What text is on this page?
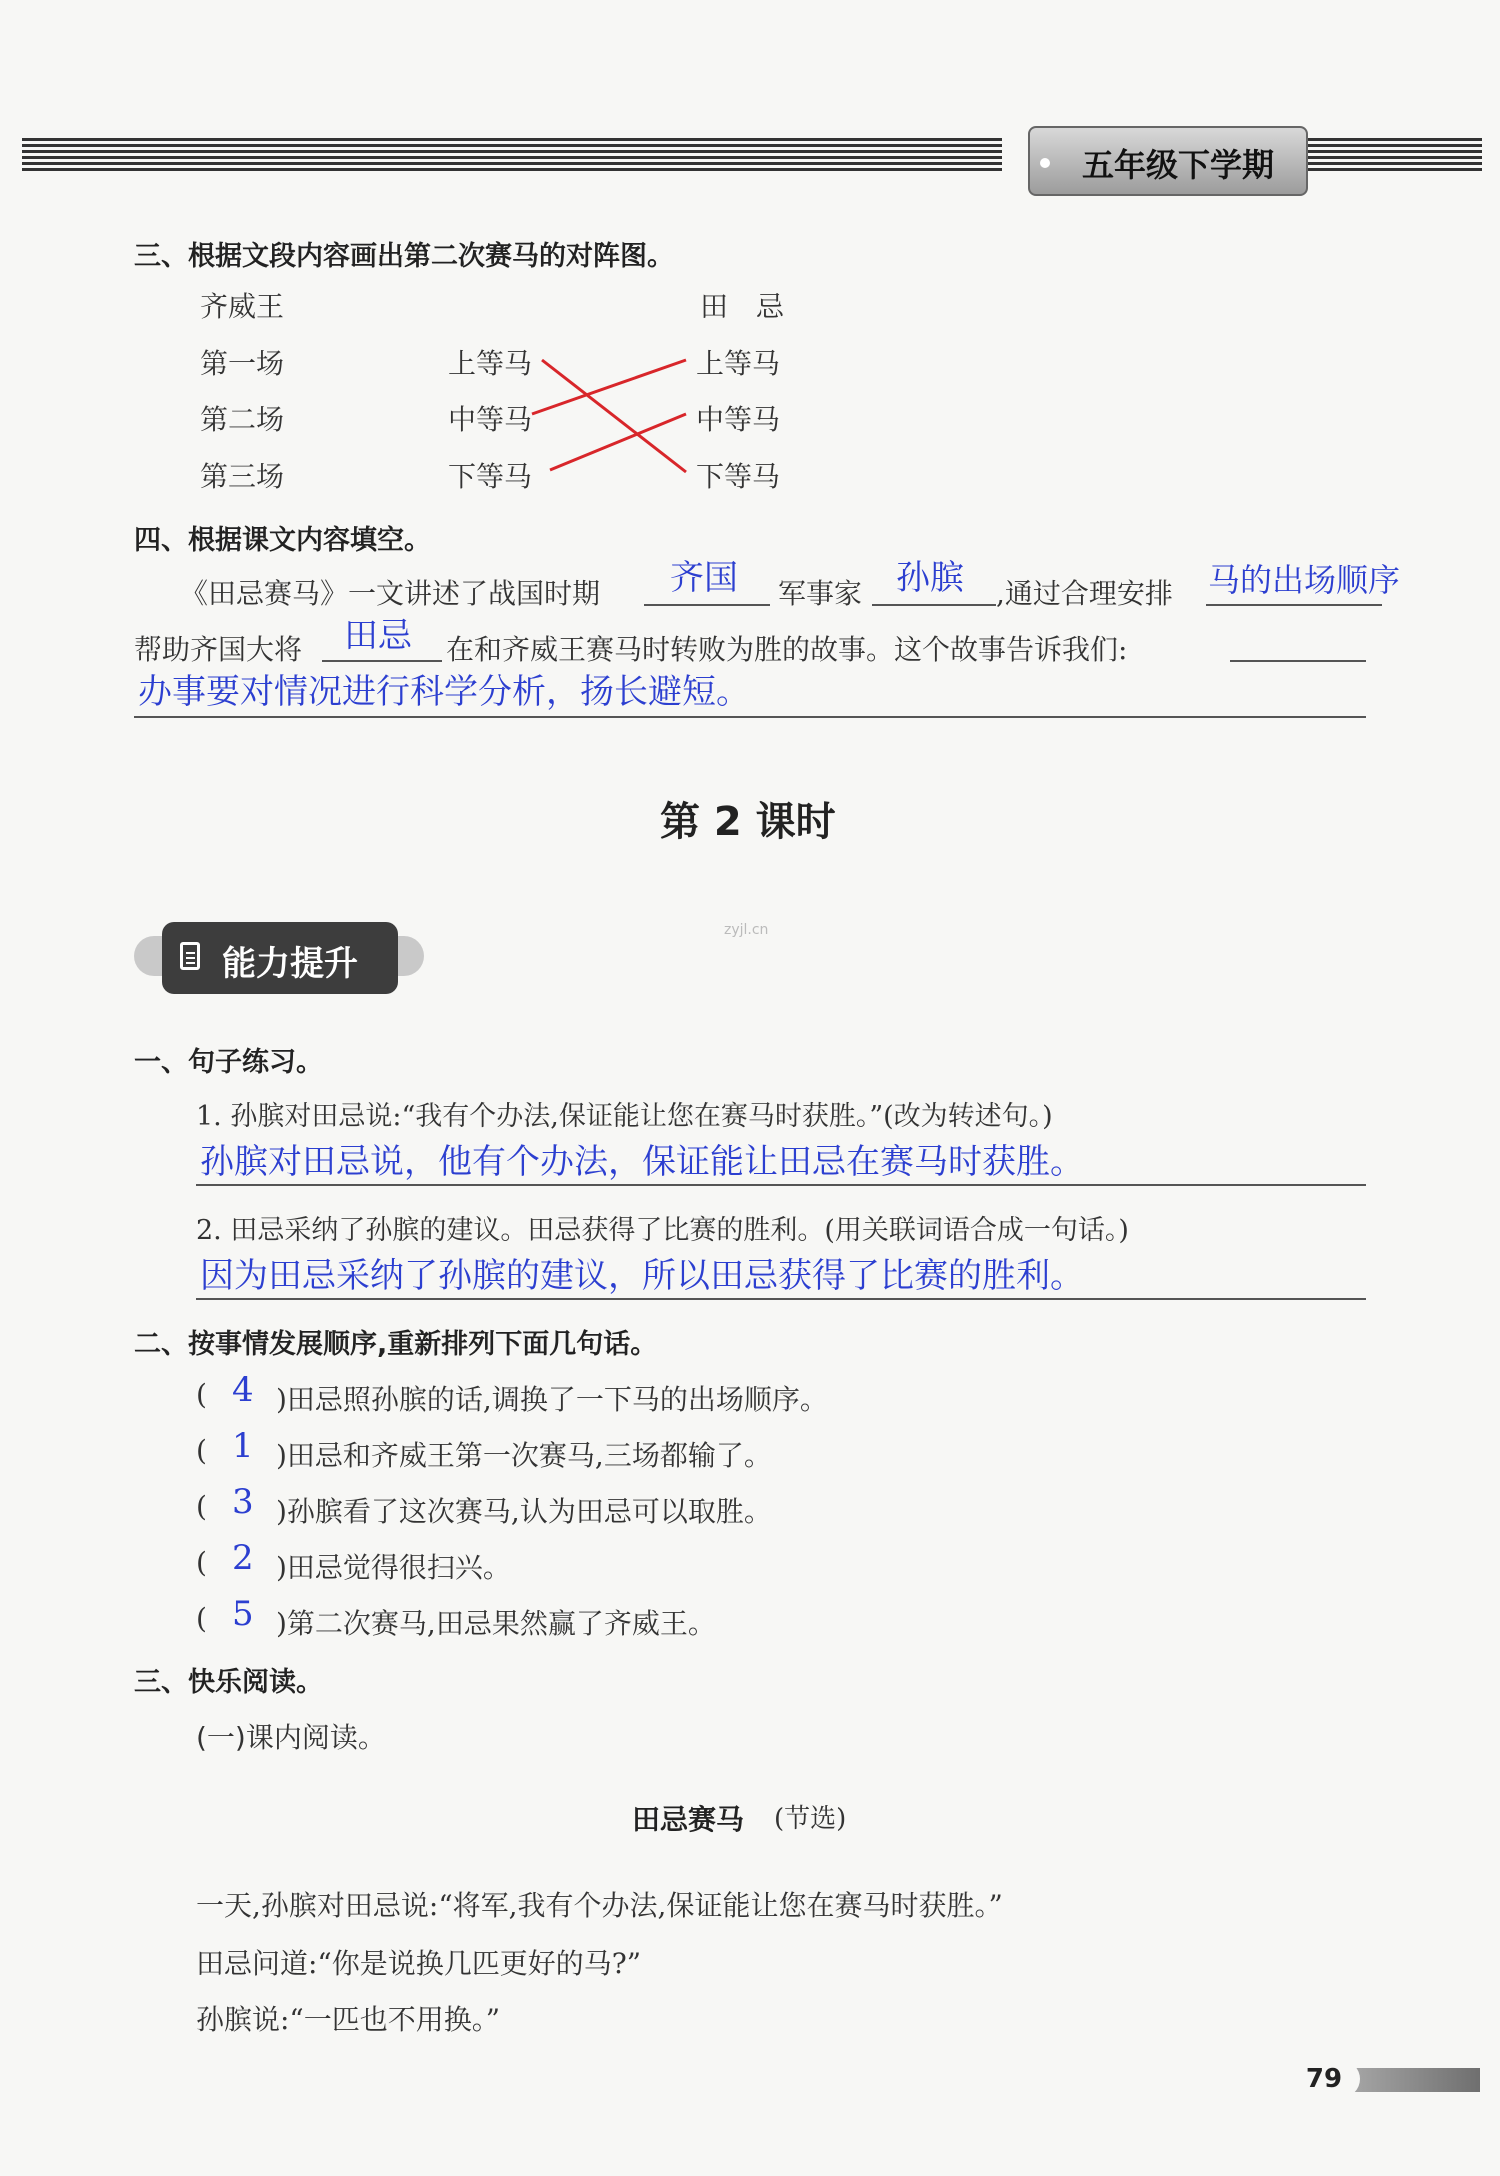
五年级下学期
三、根据文段内容画出第二次赛马的对阵图。
齐威王	田　忌
第一场
第二场
第三场
上等马
中等马
下等马
上等马
中等马
下等马
四、根据课文内容填空。
《田忌赛马》一文讲述了战国时期 齐国 军事家 孙膑 ,通过合理安排 马的出场顺序
帮助齐国大将 田忌 在和齐威王赛马时转败为胜的故事。这个故事告诉我们:
办事要对情况进行科学分析，扬长避短。
第 2 课时
zyjl.cn
能力提升
一、句子练习。
1. 孙膑对田忌说:“我有个办法,保证能让您在赛马时获胜。”(改为转述句。)
孙膑对田忌说，他有个办法，保证能让田忌在赛马时获胜。
2. 田忌采纳了孙膑的建议。田忌获得了比赛的胜利。(用关联词语合成一句话。)
因为田忌采纳了孙膑的建议，所以田忌获得了比赛的胜利。
二、按事情发展顺序,重新排列下面几句话。
( 4 )田忌照孙膑的话,调换了一下马的出场顺序。
( 1 )田忌和齐威王第一次赛马,三场都输了。
( 3 )孙膑看了这次赛马,认为田忌可以取胜。
( 2 )田忌觉得很扫兴。
( 5 )第二次赛马,田忌果然赢了齐威王。
三、快乐阅读。
(一)课内阅读。
田忌赛马 (节选)
一天,孙膑对田忌说:“将军,我有个办法,保证能让您在赛马时获胜。”
田忌问道:“你是说换几匹更好的马?”
孙膑说:“一匹也不用换。”
79
